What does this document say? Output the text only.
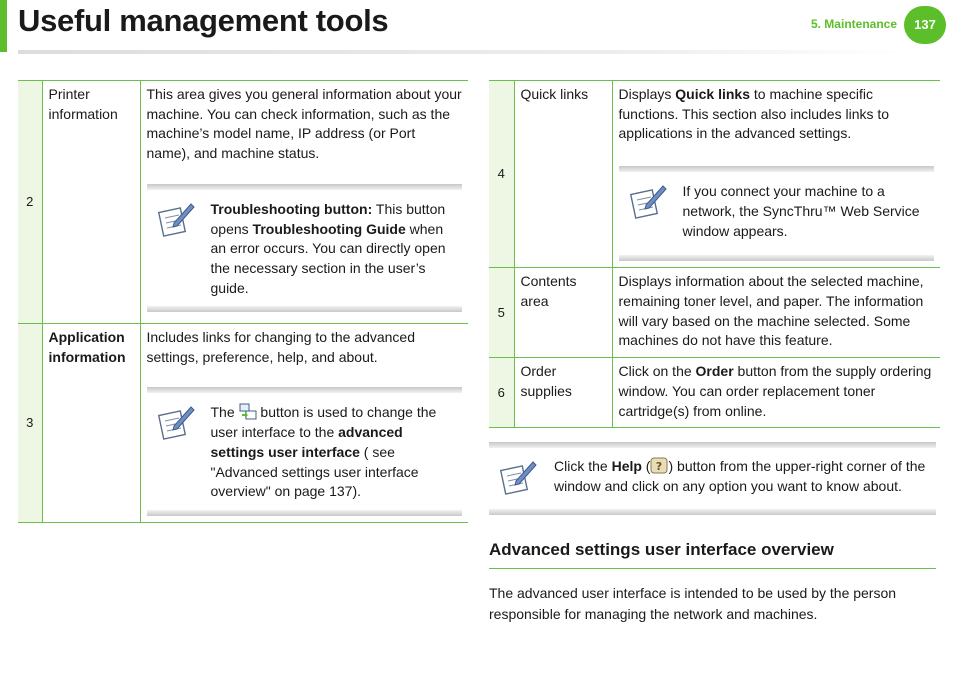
Useful management tools	5. Maintenance	137
2	Printer information	This area gives you general information about your machine. You can check information, such as the machine’s model name, IP address (or Port name), and machine status.
Troubleshooting button: This button opens Troubleshooting Guide when an error occurs. You can directly open the necessary section in the user’s guide.

3	Application information	Includes links for changing to the advanced settings, preference, help, and about.
The  button is used to change the user interface to the advanced settings user interface ( see "Advanced settings user interface overview" on page 137).
4	Quick links	Displays Quick links to machine specific functions. This section also includes links to applications in the advanced settings.
If you connect your machine to a network, the SyncThru™ Web Service window appears.

5	Contents area	Displays information about the selected machine, remaining toner level, and paper. The information will vary based on the machine selected. Some machines do not have this feature.
6	Order supplies	Click on the Order button from the supply ordering window. You can order replacement toner cartridge(s) from online.
Click the Help ( ? ) button from the upper-right corner of the window and click on any option you want to know about.
Advanced settings user interface overview
The advanced user interface is intended to be used by the person responsible for managing the network and machines.
